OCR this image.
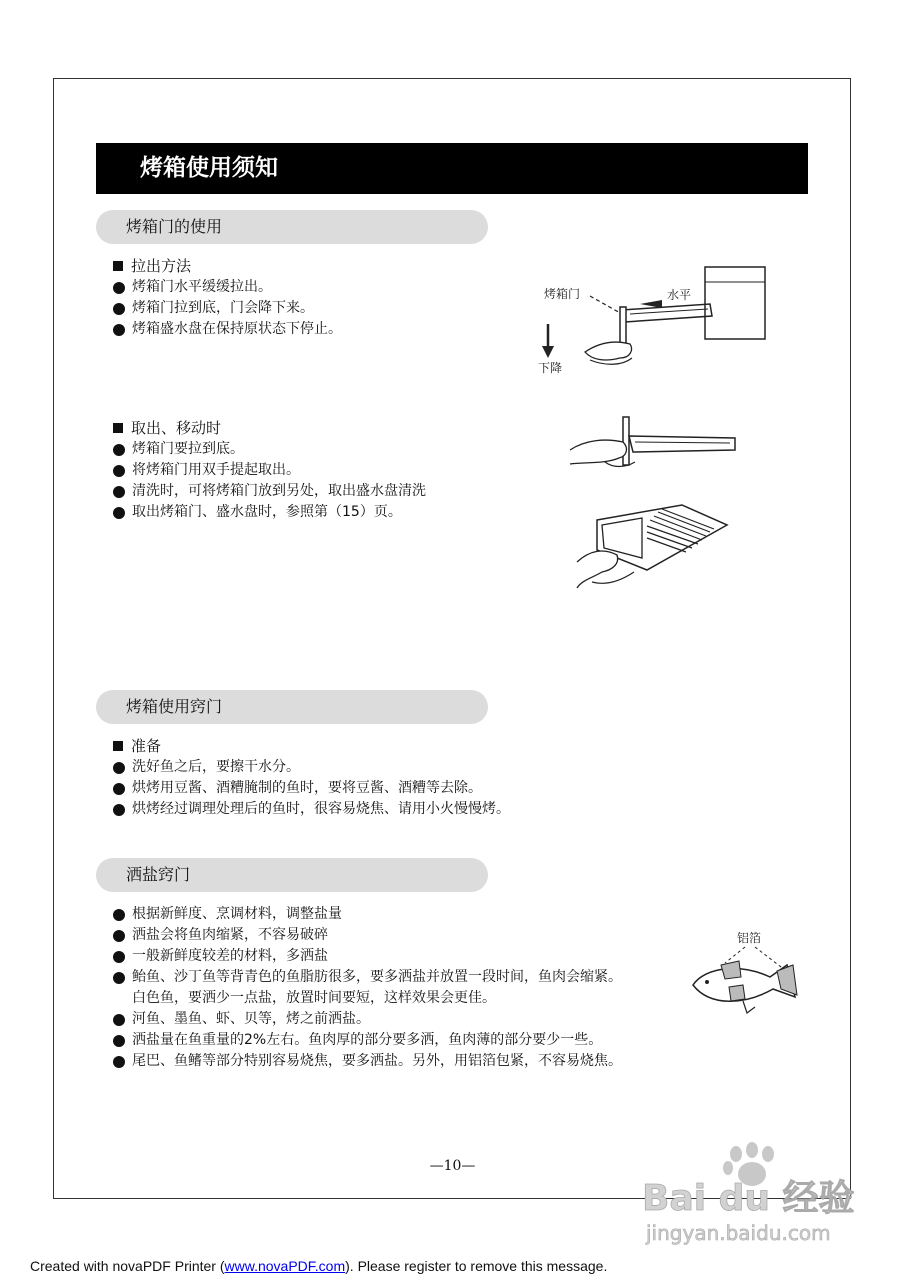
烤箱使用须知
烤箱门的使用
拉出方法
烤箱门水平缓缓拉出。
烤箱门拉到底，门会降下来。
烤箱盛水盘在保持原状态下停止。
取出、移动时
烤箱门要拉到底。
将烤箱门用双手提起取出。
清洗时，可将烤箱门放到另处，取出盛水盘清洗
取出烤箱门、盛水盘时，参照第（15）页。
烤箱门	水平
下降
烤箱使用窍门
准备
洗好鱼之后，要擦干水分。
烘烤用豆酱、酒糟腌制的鱼时，要将豆酱、酒糟等去除。
烘烤经过调理处理后的鱼时，很容易烧焦、请用小火慢慢烤。
洒盐窍门
根据新鲜度、烹调材料，调整盐量
洒盐会将鱼肉缩紧，不容易破碎
一般新鲜度较差的材料，多洒盐
鲐鱼、沙丁鱼等背青色的鱼脂肪很多，要多洒盐并放置一段时间，鱼肉会缩紧。
白色鱼，要洒少一点盐，放置时间要短，这样效果会更佳。
河鱼、墨鱼、虾、贝等，烤之前洒盐。
洒盐量在鱼重量的2%左右。鱼肉厚的部分要多洒，鱼肉薄的部分要少一些。
尾巴、鱼鳍等部分特别容易烧焦，要多洒盐。另外，用铝箔包紧，不容易烧焦。
铝箔
—10—
Bai du 经验
jingyan.baidu.com
Created with novaPDF Printer (www.novaPDF.com). Please register to remove this message.
